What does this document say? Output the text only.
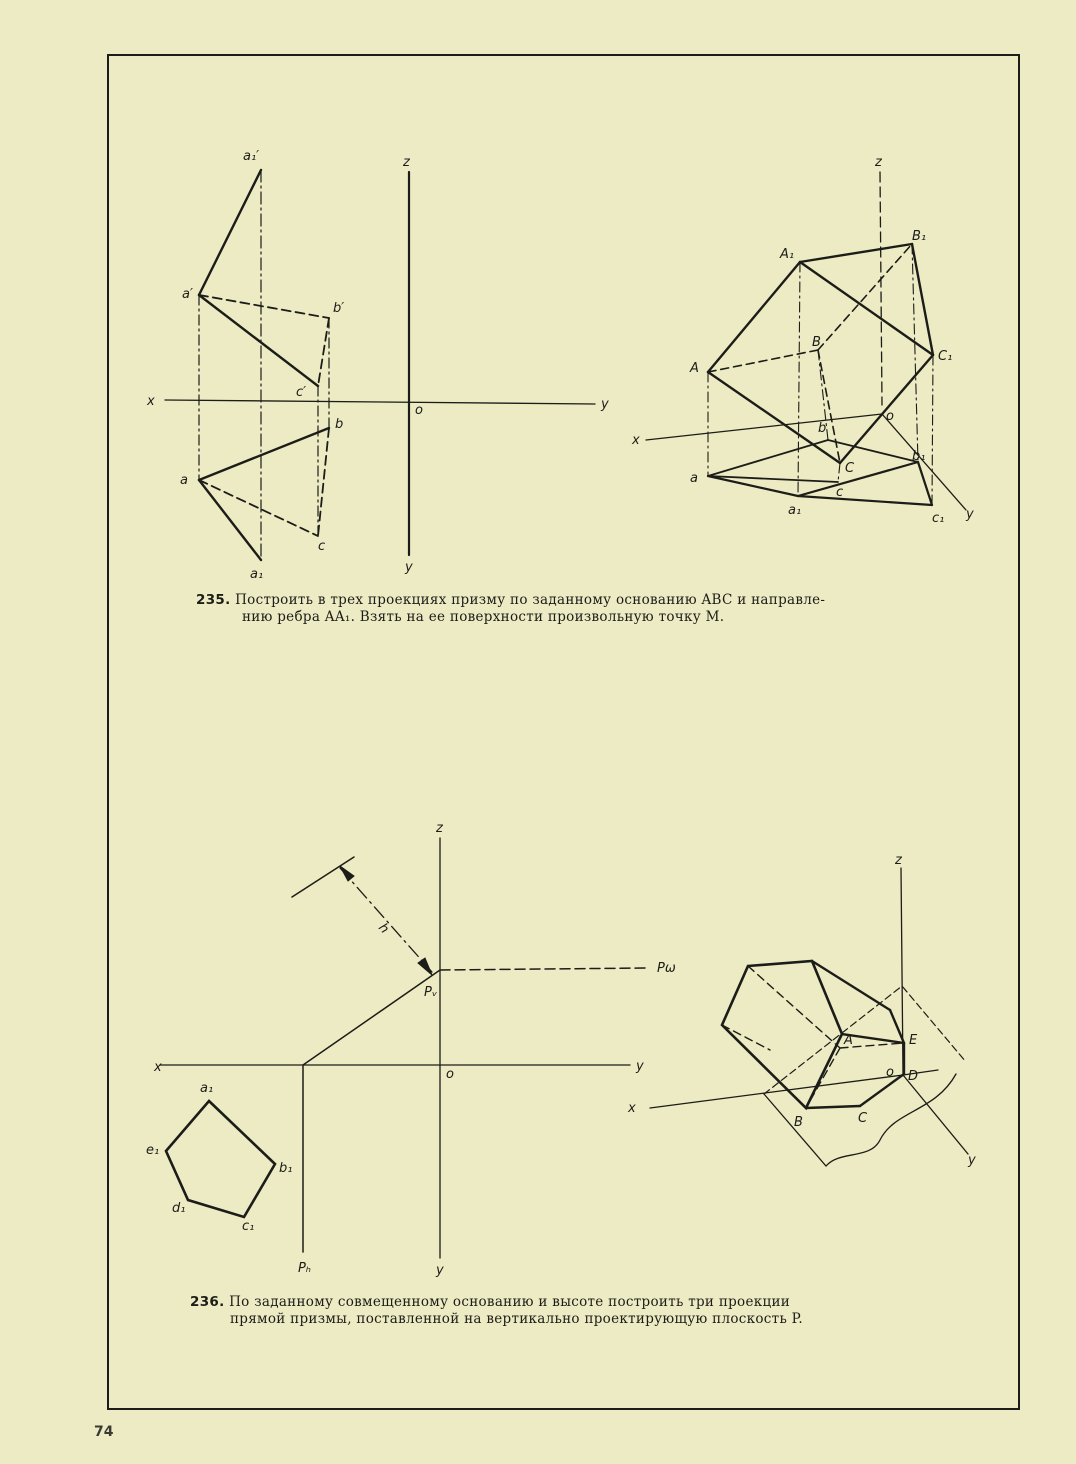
a₁′
a′
b′
c′
x	y
z
o
y
b
a
c
a₁
z
B₁
A₁
B
C₁
A
o
b
C
x
a
b₁
c
a₁
c₁ y
z
h
Pω
Pᵥ
x	o
y
a₁
e₁
b₁
d₁
c₁
Pₕ	y
z
A	E
o D
x
B	C
y
235. Построить в трех проекциях призму по заданному основанию ABC и направле-
нию ребра AA₁. Взять на ее поверхности произвольную точку M.
236. По заданному совмещенному основанию и высоте построить три проекции
прямой призмы, поставленной на вертикально проектирующую плоскость P.
74
